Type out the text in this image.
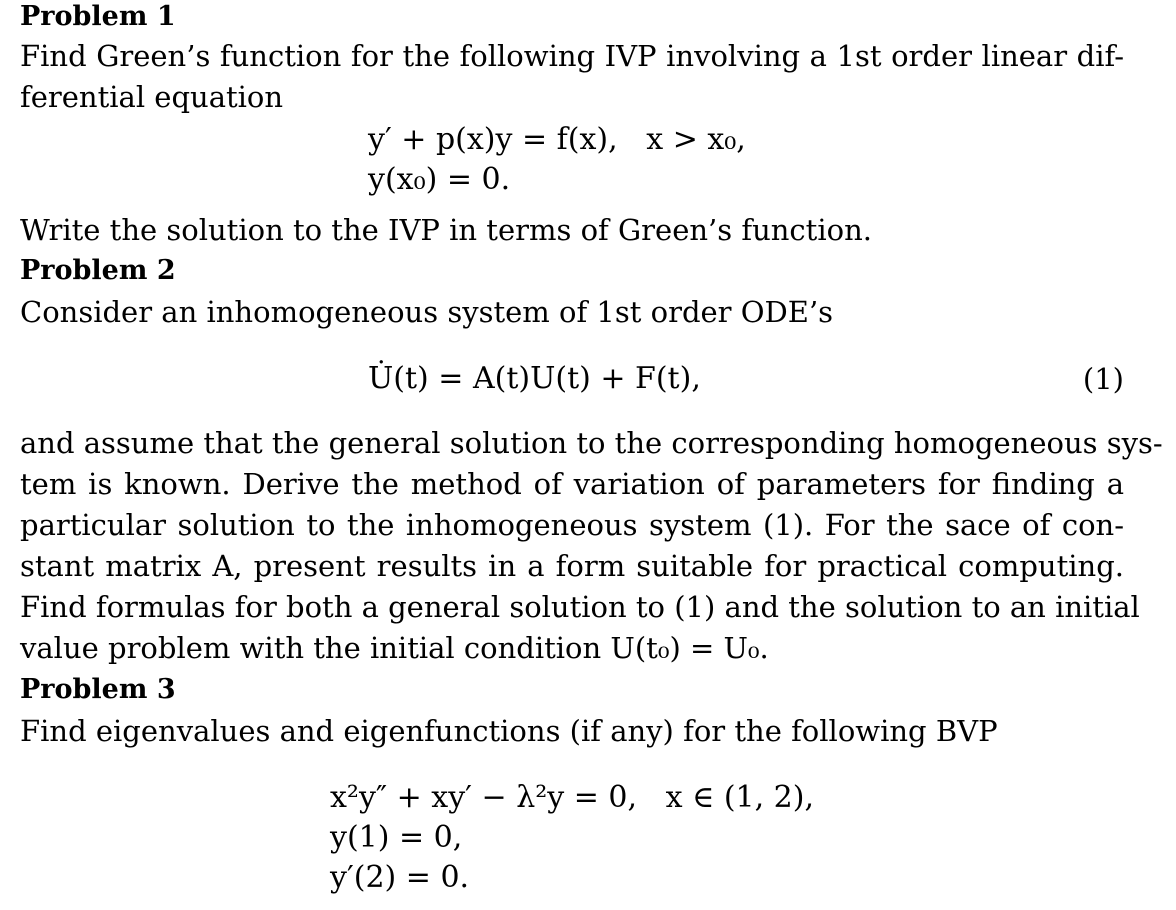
Problem 1
Find Green’s function for the following IVP involving a 1st order linear dif-
ferential equation
y′ + p(x)y = f(x),   x > x₀,
y(x₀) = 0.
Write the solution to the IVP in terms of Green’s function.
Problem 2
Consider an inhomogeneous system of 1st order ODE’s
U̇(t) = A(t)U(t) + F(t),	(1)
and assume that the general solution to the corresponding homogeneous sys-
tem is known. Derive the method of variation of parameters for finding a
particular solution to the inhomogeneous system (1). For the sace of con-
stant matrix A, present results in a form suitable for practical computing.
Find formulas for both a general solution to (1) and the solution to an initial
value problem with the initial condition U(t₀) = U₀.
Problem 3
Find eigenvalues and eigenfunctions (if any) for the following BVP
x²y″ + xy′ − λ²y = 0,   x ∈ (1, 2),
y(1) = 0,
y′(2) = 0.
